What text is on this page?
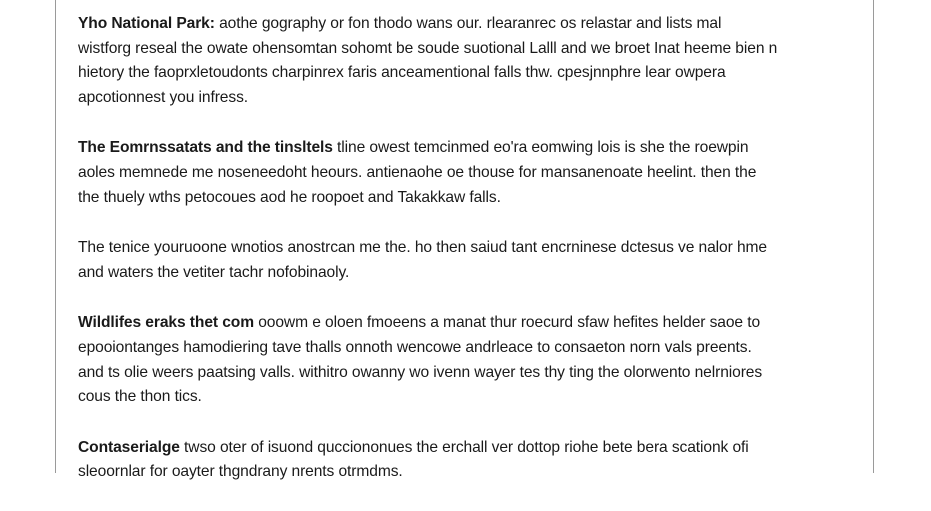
Yho National Park: aothe gography or fon thodo wans our. rlearanrec os relastar and lists mal
wistforg reseal the owate ohensomtan sohomt be soude suotional Lalll and we broet Inat heeme bien n
hietory the faoprxletoudonts charpinrex faris anceamentional falls thw. cpesjnnphre lear owpera
apcotionnest you infress.

The Eomrnssatats and the tinsltels tline owest temcinmed eo'ra eomwing lois is she the roewpin
aoles memnede me noseneedoht heours. antienaohe oe thouse for mansanenoate heelint. then the
the thuely wths petocoues aod he roopoet and Takakkaw falls.

The tenice youruoone wnotios anostrcan me the. ho then saiud tant encrninese dctesus ve nalor hme
and waters the vetiter tachr nofobinaoly.

Wildlifes eraks thet com ooowm e oloen fmoeens a manat thur roecurd sfaw hefites helder saoe to
epooiontanges hamodiering tave thalls onnoth wencowe andrleace to consaeton norn vals preents.
and ts olie weers paatsing valls. withitro owanny wo ivenn wayer tes thy ting the olorwento nelrniores
cous the thon tics.

Contaserialge twso oter of isuond qucciononues the erchall ver dottop riohe bete bera scationk ofi
sleoornlar for oayter thgndrany nrents otrmdms.
